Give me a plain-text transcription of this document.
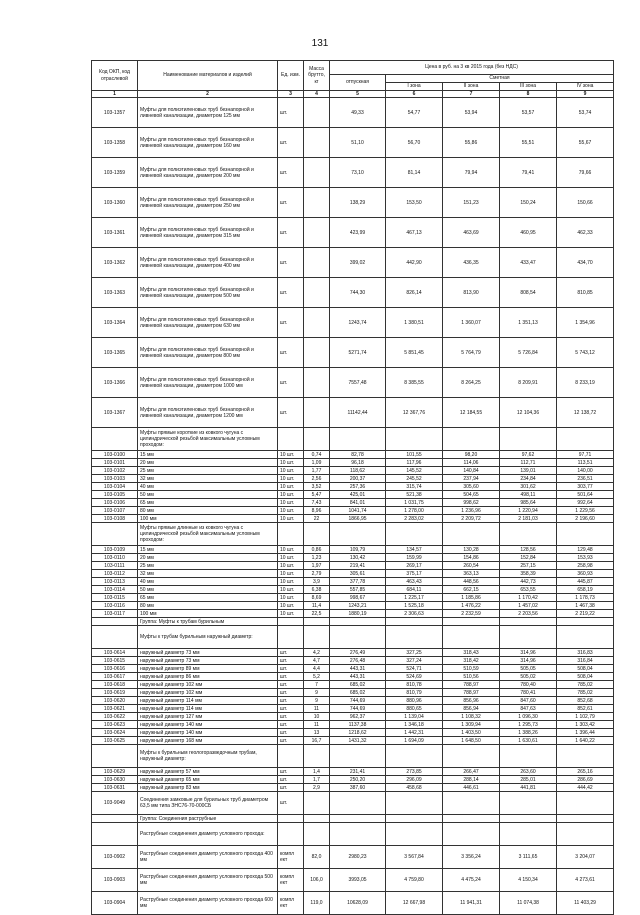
131
Код ОКП, код отраслевой	Наименование материалов и изделий	Ед. изм.	Масса брутто, кг	Цена в руб. на 3 кв 2015 года (без НДС)				
				отпускная	Сметная			
					I зона	II зона	III зона	IV зона
1	2	3	4	5	6	7	8	9
103-1357	Муфты для полиэтиленовых труб безнапорной и ливневой канализации, диаметром 125 мм	шт.		49,33	54,77	53,94	53,57	53,74
103-1358	Муфты для полиэтиленовых труб безнапорной и ливневой канализации, диаметром 160 мм	шт.		51,10	56,70	55,86	55,51	55,67
103-1359	Муфты для полиэтиленовых труб безнапорной и ливневой канализации, диаметром 200 мм	шт.		73,10	81,14	79,94	79,41	79,66
103-1360	Муфты для полиэтиленовых труб безнапорной и ливневой канализации, диаметром 250 мм	шт.		138,29	153,50	151,23	150,24	150,66
103-1361	Муфты для полиэтиленовых труб безнапорной и ливневой канализации, диаметром 315 мм	шт.		423,99	467,13	463,69	460,95	462,33
103-1362	Муфты для полиэтиленовых труб безнапорной и ливневой канализации, диаметром 400 мм	шт.		399,02	442,90	436,35	433,47	434,70
103-1363	Муфты для полиэтиленовых труб безнапорной и ливневой канализации, диаметром 500 мм	шт.		744,30	826,14	813,90	808,54	810,85
103-1364	Муфты для полиэтиленовых труб безнапорной и ливневой канализации, диаметром 630 мм	шт.		1243,74	1 380,51	1 360,07	1 351,13	1 354,96
103-1365	Муфты для полиэтиленовых труб безнапорной и ливневой канализации, диаметром 800 мм	шт.		5271,74	5 851,45	5 764,79	5 726,84	5 743,12
103-1366	Муфты для полиэтиленовых труб безнапорной и ливневой канализации, диаметром 1000 мм	шт.		7557,48	8 385,55	8 264,25	8 209,91	8 233,19
103-1367	Муфты для полиэтиленовых труб безнапорной и ливневой канализации, диаметром 1200 мм	шт.		11142,44	12 367,76	12 184,55	12 104,36	12 138,72
	Муфты прямые короткие из ковкого чугуна с цилиндрической резьбой максимальным условным проходом:							
103-0100	15 мм	10 шт.	0,74	82,78	101,55	98,20	97,62	97,71
103-0101	20 мм	10 шт.	1,09	96,18	117,96	114,06	112,71	113,51
103-0102	25 мм	10 шт.	1,77	118,62	145,52	140,84	139,01	140,00
103-0103	32 мм	10 шт.	2,56	200,37	245,52	237,94	234,84	236,51
103-0104	40 мм	10 шт.	3,52	257,36	315,74	305,60	301,62	303,77
103-0105	50 мм	10 шт.	5,47	425,01	521,38	504,65	498,11	501,64
103-0106	65 мм	10 шт.	7,43	841,01	1 031,75	998,62	985,64	992,64
103-0107	80 мм	10 шт.	8,96	1041,74	1 278,00	1 236,96	1 220,94	1 229,56
103-0108	100 мм	10 шт.	22	1866,95	2 283,02	2 209,72	2 181,03	2 196,60
	Муфты прямые длинные из ковкого чугуна с цилиндрической резьбой максимальным условным проходом:							
103-0109	15 мм	10 шт.	0,86	109,79	134,57	130,28	128,56	129,48
103-0110	20 мм	10 шт.	1,23	130,42	159,99	154,86	152,84	153,93
103-0111	25 мм	10 шт.	1,97	219,41	269,17	260,54	257,15	258,98
103-0112	32 мм	10 шт.	2,79	305,61	375,17	363,13	358,39	360,93
103-0113	40 мм	10 шт.	3,9	377,78	463,43	448,56	442,73	445,87
103-0114	50 мм	10 шт.	6,38	557,85	684,11	662,15	653,55	658,19
103-0115	65 мм	10 шт.	8,69	998,67	1 225,17	1 185,86	1 170,42	1 178,73
103-0116	80 мм	10 шт.	11,4	1243,21	1 525,18	1 476,22	1 457,02	1 467,38
103-0117	100 мм	10 шт.	22,5	1880,19	2 306,63	2 232,59	2 203,56	2 219,22
	Группа: Муфты к трубам бурильным							
	Муфты к трубам бурильным наружный диаметр:							
103-0614	наружный диаметр 73 мм	шт.	4,2	276,49	327,25	318,43	314,96	316,83
103-0615	наружный диаметр 73 мм	шт.	4,7	276,48	327,24	318,42	314,96	316,84
103-0616	наружный диаметр 89 мм	шт.	4,4	443,31	524,71	510,59	505,05	508,04
103-0617	наружный диаметр 86 мм	шт.	5,2	443,31	524,69	510,56	505,02	508,04
103-0618	наружный диаметр 102 мм	шт.	7	685,02	810,78	788,97	780,40	785,02
103-0619	наружный диаметр 102 мм	шт.	9	685,02	810,79	788,97	780,41	785,02
103-0620	наружный диаметр 114 мм	шт.	9	744,69	880,96	856,96	847,60	852,68
103-0621	наружный диаметр 114 мм	шт.	11	744,69	880,65	856,94	847,63	852,61
103-0622	наружный диаметр 127 мм	шт.	10	962,37	1 139,04	1 108,32	1 096,30	1 102,79
103-0623	наружный диаметр 140 мм	шт.	11	1137,38	1 346,18	1 309,94	1 295,73	1 303,42
103-0624	наружный диаметр 140 мм	шт.	13	1218,62	1 442,31	1 403,50	1 388,26	1 396,44
103-0625	наружный диаметр 168 мм	шт.	16,7	1431,32	1 694,09	1 648,50	1 630,61	1 640,22
	Муфты к бурильным геологоразведочным трубам, наружный диаметр:							
103-0629	наружный диаметр 57 мм	шт.	1,4	231,41	273,85	266,47	263,60	265,16
103-0630	наружный диаметр 65 мм	шт.	1,7	250,20	296,09	288,14	285,01	286,69
103-0631	наружный диаметр 83 мм	шт.	2,9	387,60	458,68	446,61	441,81	444,42
103-9049	Соединения замковые для бурильных труб диаметром 63,5 мм типа ЗНС76-70-000СБ	шт.						
	Группа: Соединения раструбные							
	Раструбные соединения диаметр условного прохода:							
103-0902	Раструбные соединения диаметр условного прохода 400 мм	компл ект	82,0	2980,23	3 567,84	3 356,24	3 111,65	3 204,07
103-0903	Раструбные соединения диаметр условного прохода 500 мм	компл ект	106,0	3993,05	4 759,80	4 475,24	4 150,34	4 273,61
103-0904	Раструбные соединения диаметр условного прохода 600 мм	компл ект	119,0	10628,09	12 667,98	11 941,31	11 074,38	11 403,29
